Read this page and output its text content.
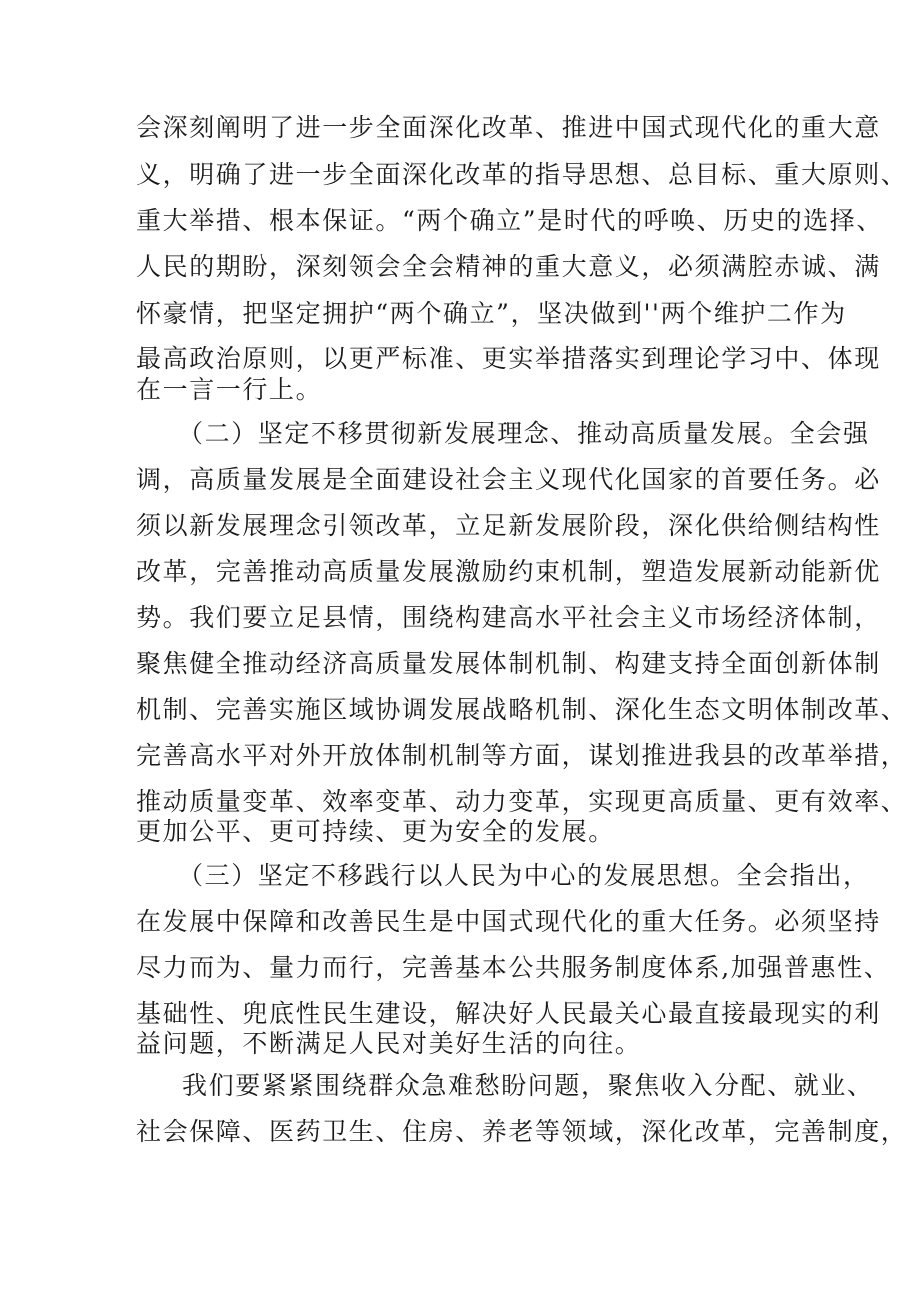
会深刻阐明了进一步全面深化改革、推进中国式现代化的重大意
义，明确了进一步全面深化改革的指导思想、总目标、重大原则、
重大举措、根本保证。“两个确立”是时代的呼唤、历史的选择、
人民的期盼，深刻领会全会精神的重大意义，必须满腔赤诚、满
怀豪情，把坚定拥护“两个确立”，坚决做到''两个维护二作为
最高政治原则，以更严标准、更实举措落实到理论学习中、体现
在一言一行上。
（二）坚定不移贯彻新发展理念、推动高质量发展。全会强
调，高质量发展是全面建设社会主义现代化国家的首要任务。必
须以新发展理念引领改革，立足新发展阶段，深化供给侧结构性
改革，完善推动高质量发展激励约束机制，塑造发展新动能新优
势。我们要立足县情，围绕构建高水平社会主义市场经济体制，
聚焦健全推动经济高质量发展体制机制、构建支持全面创新体制
机制、完善实施区域协调发展战略机制、深化生态文明体制改革、
完善高水平对外开放体制机制等方面，谋划推进我县的改革举措，
推动质量变革、效率变革、动力变革，实现更高质量、更有效率、
更加公平、更可持续、更为安全的发展。
（三）坚定不移践行以人民为中心的发展思想。全会指出，
在发展中保障和改善民生是中国式现代化的重大任务。必须坚持
尽力而为、量力而行，完善基本公共服务制度体系,加强普惠性、
基础性、兜底性民生建设，解决好人民最关心最直接最现实的利
益问题，不断满足人民对美好生活的向往。
我们要紧紧围绕群众急难愁盼问题，聚焦收入分配、就业、
社会保障、医药卫生、住房、养老等领域，深化改革，完善制度，
